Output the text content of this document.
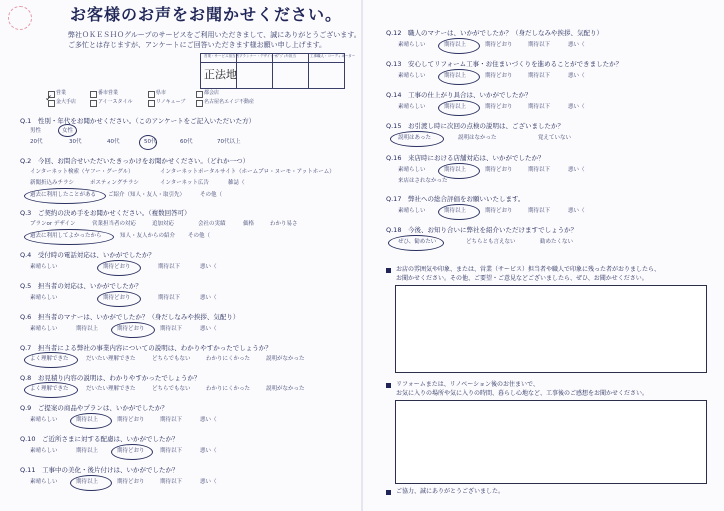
お客様のお声をお聞かせください。
弊社ＯＫＥＳＨＯグループのサービスをご利用いただきまして、誠にありがとうございます。
ご多忙とは存じますが、アンケートにご回答いただきます様お願い申し上げます。
営業・サービス担当者 プランナー・デザイナー
ｵﾌﾞｼﾞｪｸﾄ担当	工事職人・コーディネーター
正法地
営業	番市営業	県市	都会店
金大手店	アイ一スタイル	リノキューブ	名古屋名エイジ不動産
✓
Q.1　性別・年代をお聞かせください。（このアンケートをご記入いただいた方）
男性	女性
20代	30代	40代	50代	60代	70代以上
Q.2　今回、お問合せいただいたきっかけをお聞かせください。（どれか一つ）
インターネット検索（ヤフー・グーグル）	インターネットポータルサイト（ホームプロ・ヌーモ・アットホーム）
新聞折込みチラシ	ポスティングチラシ	インターネット広告	雑誌（
過去に利用したことがある ご紹介（知人・友人・取引先）	その他（
Q.3　ご契約の決め手をお聞かせください。（複数回答可）
プランor デザイン	営業担当者の対応	追加対応	会社の実績	価格	わかり易さ
過去に利用してよかったから	知人・友人からの紹介 その他（
Q.4　受付時の電話対応は、いかがでしたか？
素晴らしい	期待どおり	期待以下	悪い（
Q.5　担当者の対応は、いかがでしたか？
素晴らしい	期待どおり	期待以下	悪い（
Q.6　担当者のマナーは、いかがでしたか？（身だしなみや挨拶、気配り）
素晴らしい	期待以上	期待どおり	期待以下	悪い（
Q.7　担当者による弊社の事業内容についての説明は、わかりやすかったでしょうか？
よく理解できた	だいたい理解できた	どちらでもない	わかりにくかった	説明がなかった
Q.8　お見積り内容の説明は、わかりやすかったでしょうか？
よく理解できた	だいたい理解できた	どちらでもない	わかりにくかった	説明がなかった
Q.9　ご提案の商品やプランは、いかがでしたか？
素晴らしい	期待以上	期待どおり	期待以下	悪い（
Q.10　ご近所さまに対する配慮は、いかがでしたか？
素晴らしい	期待以上	期待どおり	期待以下	悪い（
Q.11　工事中の美化・後片付けは、いかがでしたか？
素晴らしい	期待以上	期待どおり	期待以下	悪い（
Q.12　職人のマナーは、いかがでしたか？（身だしなみや挨拶、気配り）
素晴らしい	期待以上	期待どおり	期待以下	悪い（
Q.13　安心してリフォーム工事・お住まいづくりを進めることができましたか？
素晴らしい	期待以上	期待どおり	期待以下	悪い（
Q.14　工事の仕上がり具合は、いかがでしたか？
素晴らしい	期待以上	期待どおり	期待以下	悪い（
Q.15　お引渡し時に次回の点検の説明は、ございましたか？
説明はあった	説明はなかった	覚えていない
Q.16　来店時における店舗対応は、いかがでしたか？
素晴らしい	期待以上	期待どおり	期待以下	悪い（
来店はされなかった
Q.17　弊社への総合評価をお願いいたします。
素晴らしい	期待以上	期待どおり	期待以下	悪い（
Q.18　今後、お知り合いに弊社を紹介いただけますでしょうか？
ぜひ、勧めたい	どちらとも言えない	勧めたくない
お店の雰囲気や印象、または、営業（サービス）担当者や職人で印象に残った者がおりましたら、
お聞かせください。その他、ご要望・ご意見などございましたら、ぜひ、お聞かせください。
リフォームまたは、リノベーション後のお住まいで、
お気に入りの場所や気に入りの時間、暮らし心地など、工事後のご感想をお聞かせください。
ご協力、誠にありがとうございました。
